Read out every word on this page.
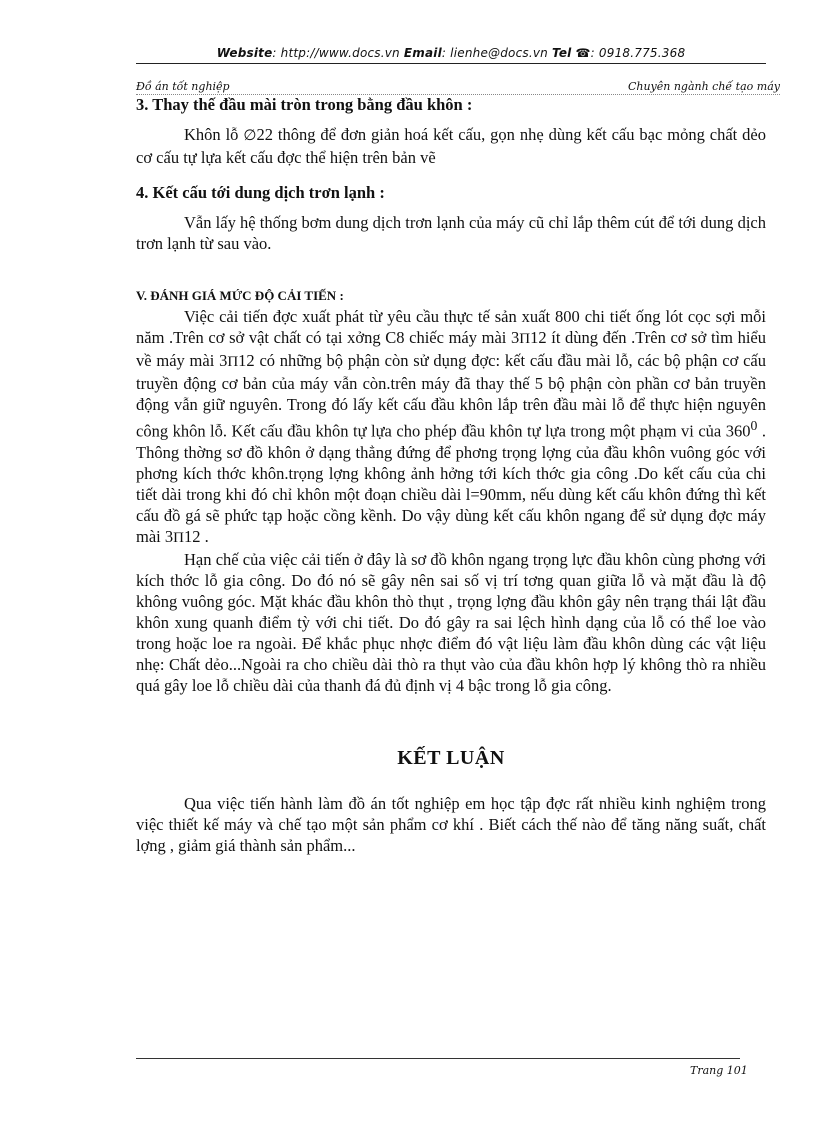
Website: http://www.docs.vn Email: lienhe@docs.vn Tel ☎: 0918.775.368
Đồ án tốt nghiệp	Chuyên ngành chế tạo máy
3. Thay thế đầu mài tròn trong bằng đầu khôn :

Khôn lỗ ∅22 thông để đơn giản hoá kết cấu, gọn nhẹ dùng kết cấu bạc mỏng chất dẻo cơ cấu tự lựa kết cấu đợc thể hiện trên bản vẽ

4. Kết cấu tới dung dịch trơn lạnh :

Vẫn lấy hệ thống bơm dung dịch trơn lạnh của máy cũ chỉ lắp thêm cút để tới dung dịch trơn lạnh từ sau vào.

V. ĐÁNH GIÁ MỨC ĐỘ CẢI TIẾN :

Việc cải tiến đợc xuất phát từ yêu cầu thực tế sản xuất 800 chi tiết ống lót cọc sợi mỗi năm .Trên cơ sở vật chất có tại xởng C8 chiếc máy mài 3Π12 ít dùng đến .Trên cơ sở tìm hiểu về máy mài 3Π12 có những bộ phận còn sử dụng đợc: kết cấu đầu mài lỗ, các bộ phận cơ cấu truyền động cơ bản của máy vẫn còn.trên máy đã thay thế 5 bộ phận còn phần cơ bản truyền động vẫn giữ nguyên. Trong đó lấy kết cấu đầu khôn lắp trên đầu mài lỗ để thực hiện nguyên công khôn lỗ. Kết cấu đầu khôn tự lựa cho phép đầu khôn tự lựa trong một phạm vi của $360^0$ . Thông thờng sơ đồ khôn ở dạng thẳng đứng để phơng trọng lợng của đầu khôn vuông góc với phơng kích thớc khôn.trọng lợng không ảnh hởng tới kích thớc gia công .Do kết cấu của chi tiết dài trong khi đó chỉ khôn một đoạn chiều dài l=90mm, nếu dùng kết cấu khôn đứng thì kết cấu đồ gá sẽ phức tạp hoặc cồng kềnh. Do vậy dùng kết cấu khôn ngang để sử dụng đợc máy mài 3Π12 .

Hạn chế của việc cải tiến ở đây là sơ đồ khôn ngang trọng lực đầu khôn cùng phơng với kích thớc lỗ gia công. Do đó nó sẽ gây nên sai số vị trí tơng quan giữa lỗ và mặt đầu là độ không vuông góc. Mặt khác đầu khôn thò thụt , trọng lợng đầu khôn gây nên trạng thái lật đầu khôn xung quanh điểm tỳ với chi tiết. Do đó gây ra sai lệch hình dạng của lỗ có thể loe vào trong hoặc loe ra ngoài. Để khắc phục nhợc điểm đó vật liệu làm đầu khôn dùng các vật liệu nhẹ: Chất dẻo...Ngoài ra cho chiều dài thò ra thụt vào của đầu khôn hợp lý không thò ra nhiều quá gây loe lỗ chiều dài của thanh đá đủ định vị 4 bậc trong lỗ gia công.

KẾT LUẬN

Qua việc tiến hành làm đồ án tốt nghiệp em học tập đợc rất nhiều kinh nghiệm trong việc thiết kế máy và chế tạo một sản phẩm cơ khí . Biết cách thế nào để tăng năng suất, chất lợng , giảm giá thành sản phẩm...

Trang 101
